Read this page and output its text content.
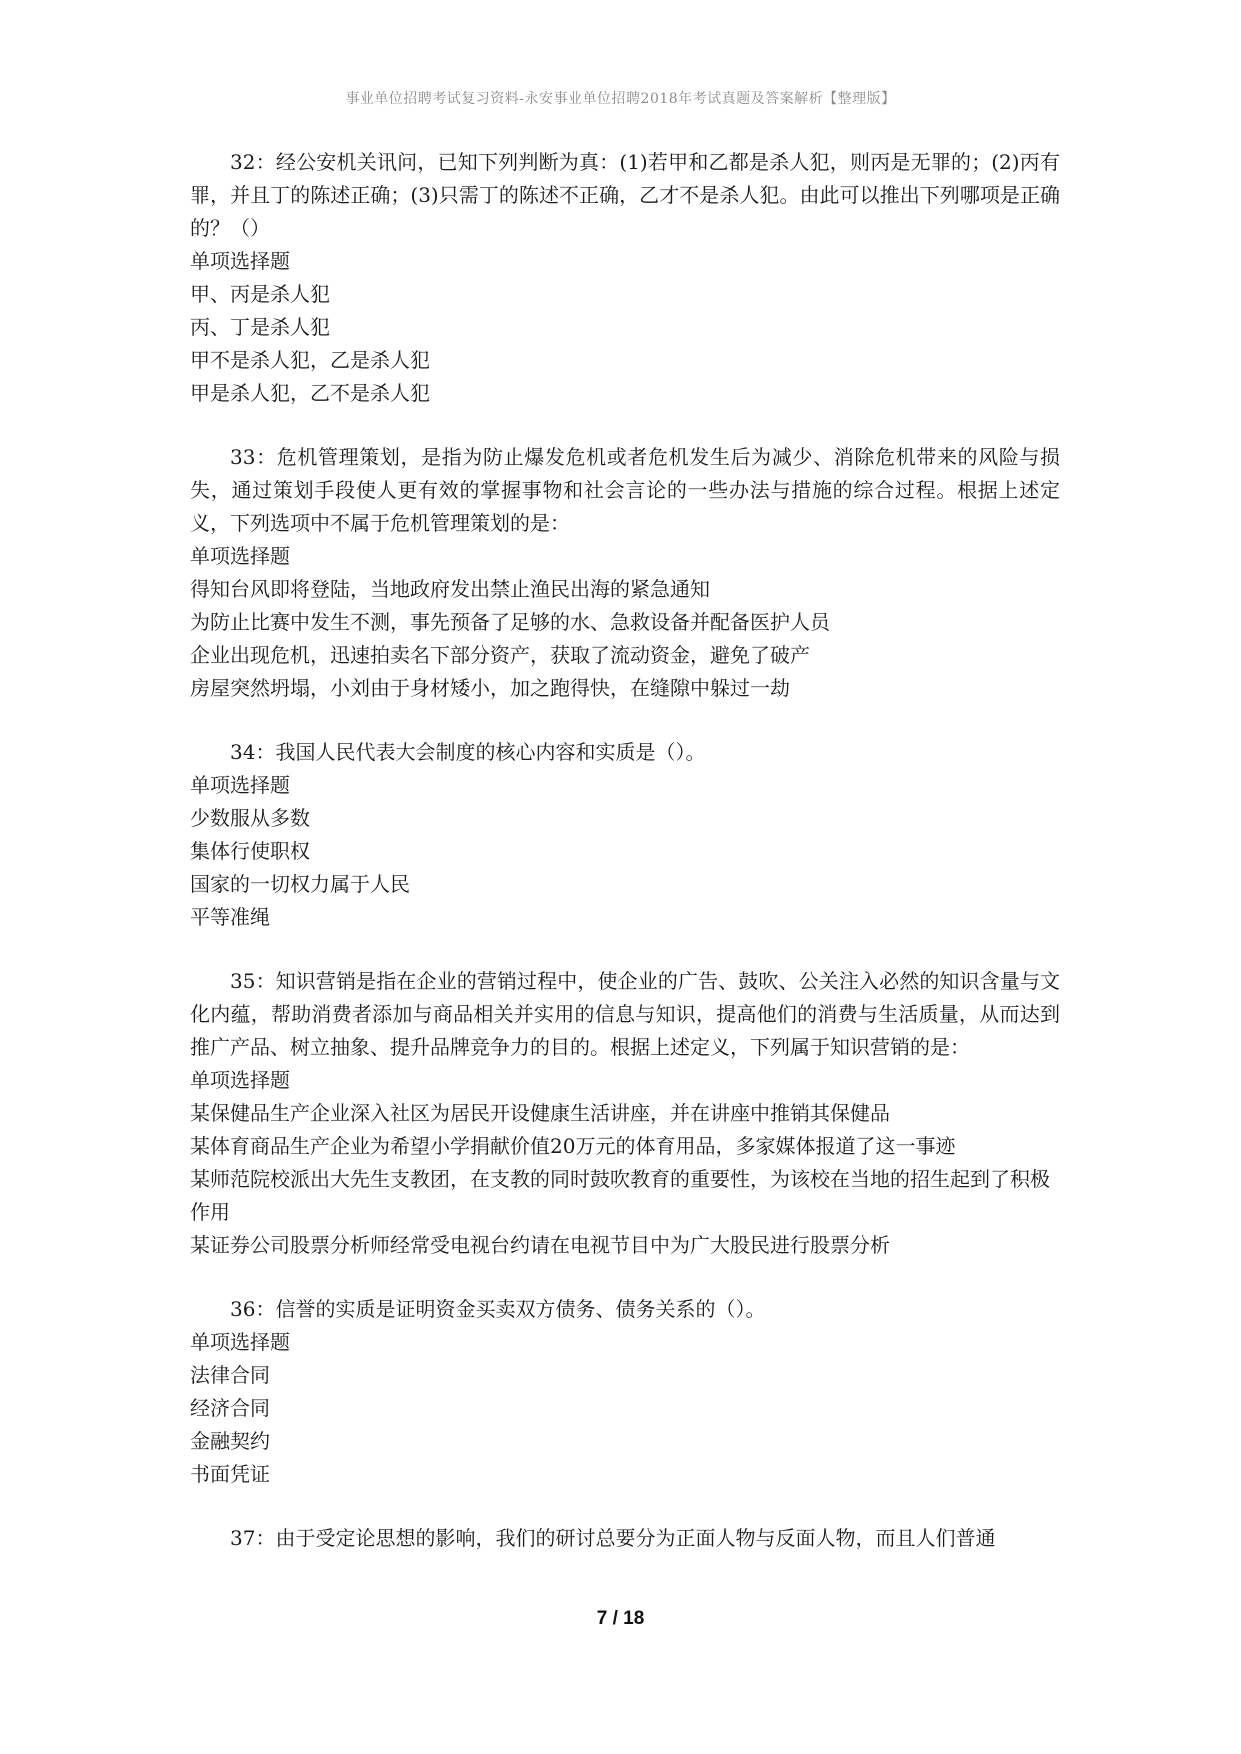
事业单位招聘考试复习资料-永安事业单位招聘2018年考试真题及答案解析【整理版】

32：经公安机关讯问，已知下列判断为真：(1)若甲和乙都是杀人犯，则丙是无罪的；(2)丙有罪，并且丁的陈述正确；(3)只需丁的陈述不正确，乙才不是杀人犯。由此可以推出下列哪项是正确的？（）

单项选择题

甲、丙是杀人犯

丙、丁是杀人犯

甲不是杀人犯，乙是杀人犯

甲是杀人犯，乙不是杀人犯

33：危机管理策划，是指为防止爆发危机或者危机发生后为减少、消除危机带来的风险与损失，通过策划手段使人更有效的掌握事物和社会言论的一些办法与措施的综合过程。根据上述定义，下列选项中不属于危机管理策划的是：

单项选择题

得知台风即将登陆，当地政府发出禁止渔民出海的紧急通知

为防止比赛中发生不测，事先预备了足够的水、急救设备并配备医护人员

企业出现危机，迅速拍卖名下部分资产，获取了流动资金，避免了破产

房屋突然坍塌，小刘由于身材矮小，加之跑得快，在缝隙中躲过一劫

34：我国人民代表大会制度的核心内容和实质是（）。

单项选择题

少数服从多数

集体行使职权

国家的一切权力属于人民

平等准绳

35：知识营销是指在企业的营销过程中，使企业的广告、鼓吹、公关注入必然的知识含量与文化内蕴，帮助消费者添加与商品相关并实用的信息与知识，提高他们的消费与生活质量，从而达到推广产品、树立抽象、提升品牌竞争力的目的。根据上述定义，下列属于知识营销的是：

单项选择题

某保健品生产企业深入社区为居民开设健康生活讲座，并在讲座中推销其保健品

某体育商品生产企业为希望小学捐献价值20万元的体育用品，多家媒体报道了这一事迹

某师范院校派出大先生支教团，在支教的同时鼓吹教育的重要性，为该校在当地的招生起到了积极作用

某证券公司股票分析师经常受电视台约请在电视节目中为广大股民进行股票分析

36：信誉的实质是证明资金买卖双方债务、债务关系的（）。

单项选择题

法律合同

经济合同

金融契约

书面凭证

37：由于受定论思想的影响，我们的研讨总要分为正面人物与反面人物，而且人们普通

7 / 18
